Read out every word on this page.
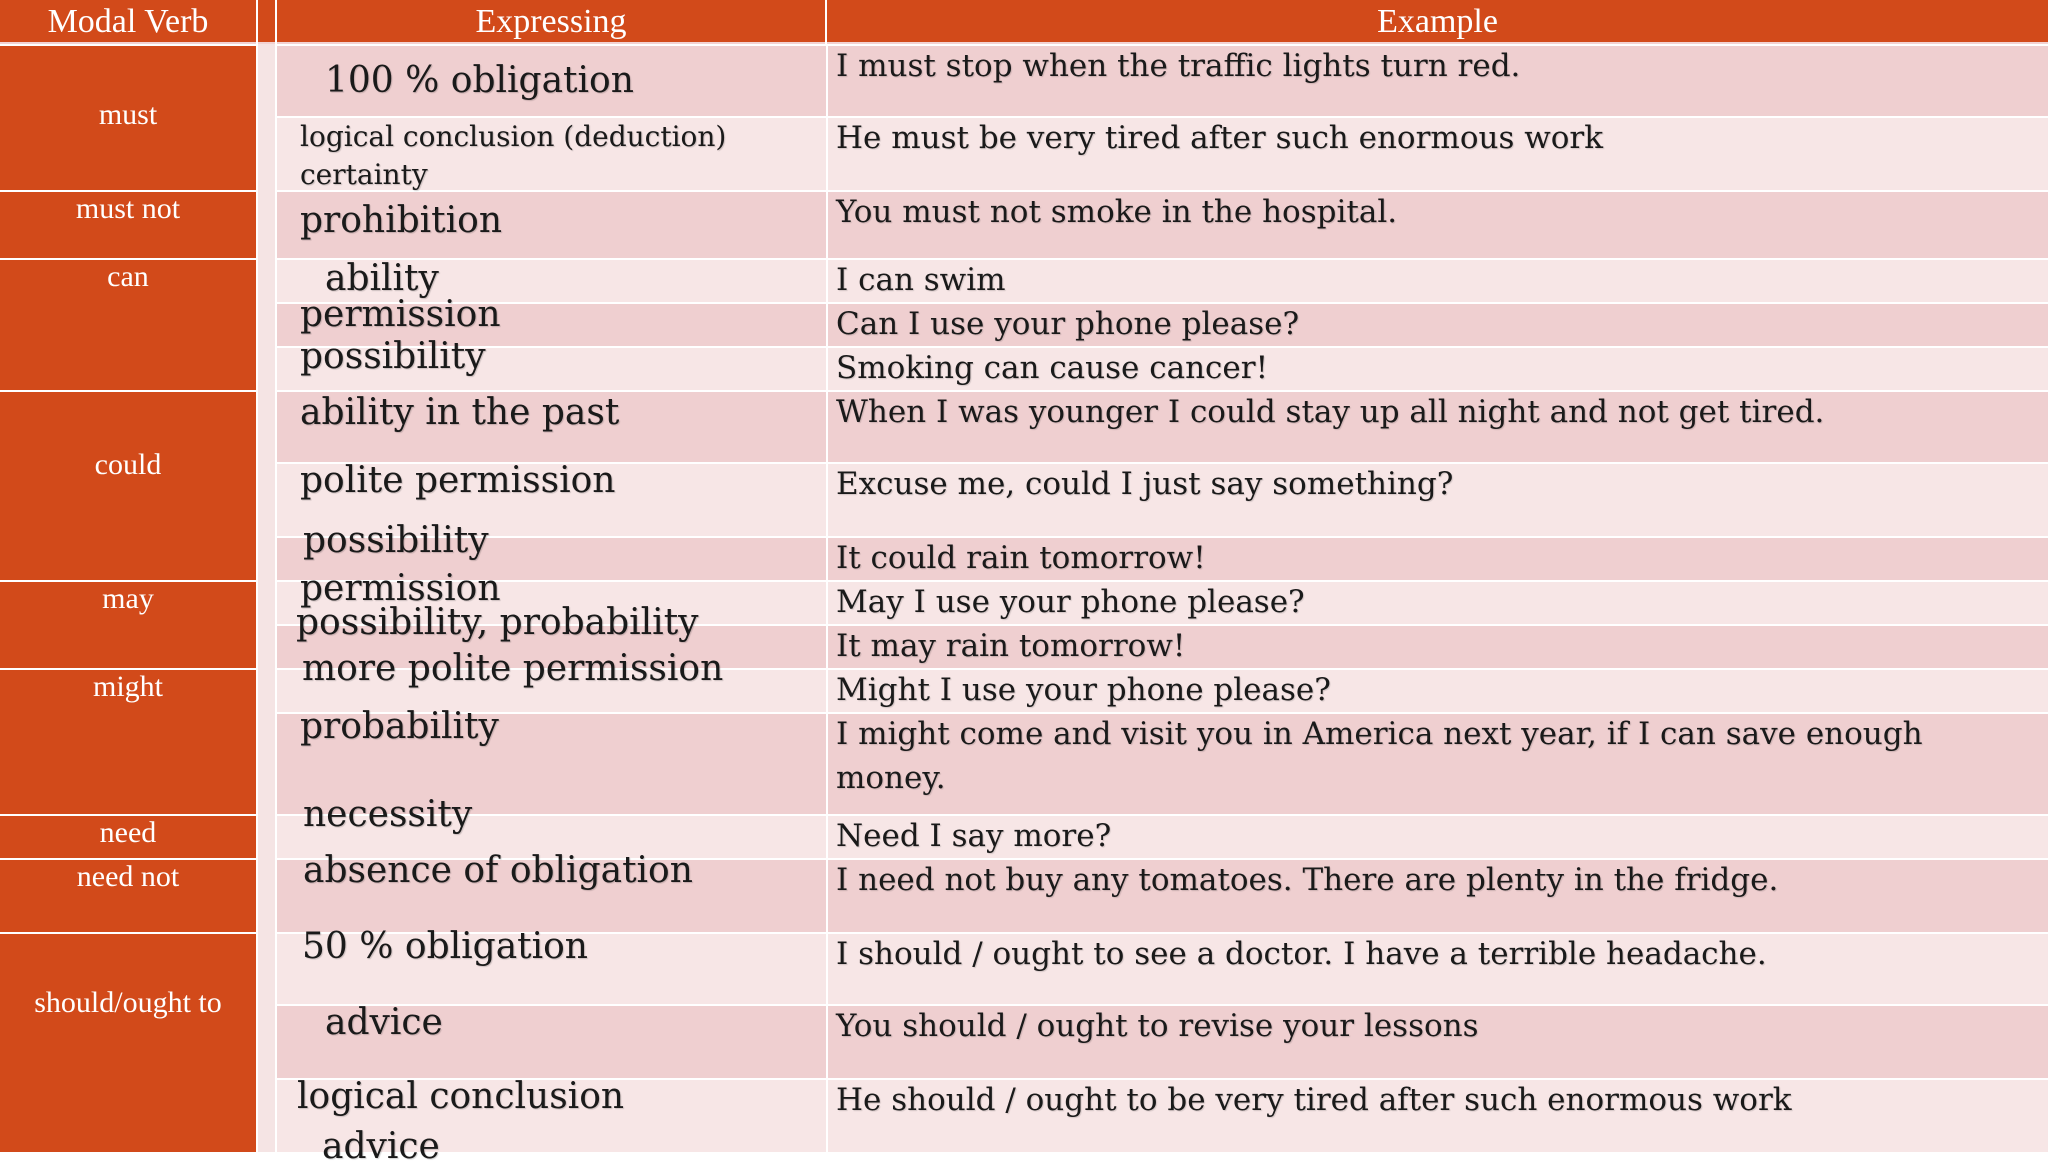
Modal Verb	Expressing	Example
must
must not
can
could
may
might
need
need not
should/ought to
100 % obligation
logical conclusion (deduction) certainty
prohibition
ability
permission
possibility
ability in the past
polite permission
possibility
permission
possibility, probability
more polite permission
probability
necessity
absence of obligation
50 % obligation
advice
logical conclusion
advice
I must stop when the traffic lights turn red.
He must be very tired after such enormous work
You must not smoke in the hospital.
I can swim
Can I use your phone please?
Smoking can cause cancer!
When I was younger I could stay up all night and not get tired.
Excuse me, could I just say something?
It could rain tomorrow!
May I use your phone please?
It may rain tomorrow!
Might I use your phone please?
I might come and visit you in America next year, if I can save enough money.
Need I say more?
I need not buy any tomatoes. There are plenty in the fridge.
I should / ought to see a doctor. I have a terrible headache.
You should / ought to revise your lessons
He should / ought to be very tired after such enormous work
